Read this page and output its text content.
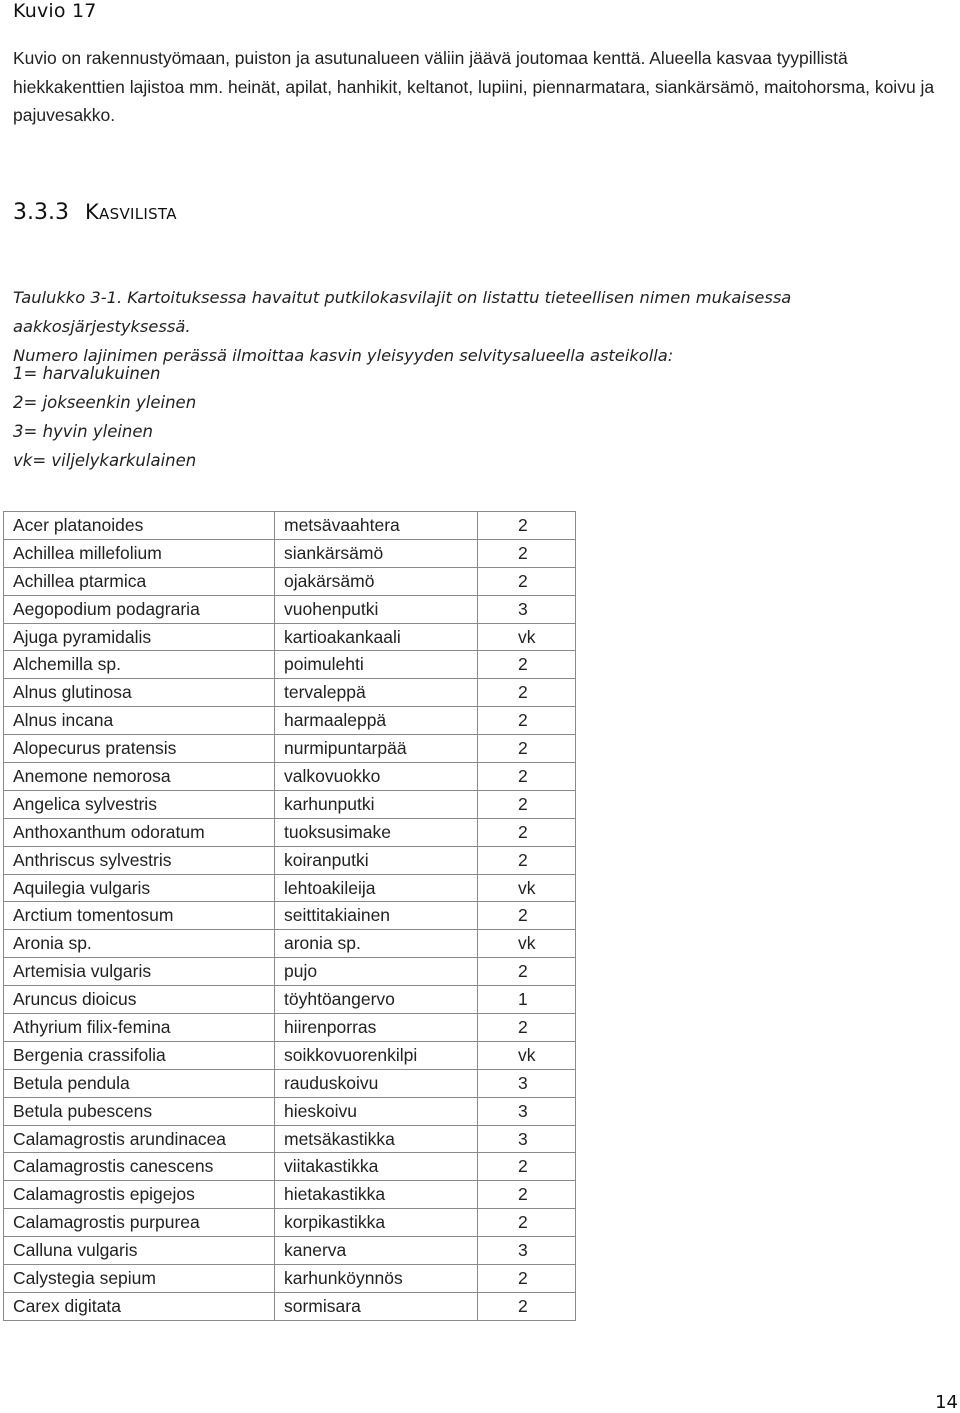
Kuvio 17
Kuvio on rakennustyömaan, puiston ja asutunalueen väliin jäävä joutomaa kenttä. Alueella kasvaa tyypillistä hiekkakenttien lajistoa mm. heinät, apilat, hanhikit, keltanot, lupiini, piennarmatara, siankärsämö, maitohorsma, koivu ja pajuvesakko.
3.3.3 Kasvilista
Taulukko 3-1. Kartoituksessa havaitut putkilokasvilajit on listattu tieteellisen nimen mukaisessa aakkosjärjestyksessä.
Numero lajinimen perässä ilmoittaa kasvin yleisyyden selvitysalueella asteikolla:
1= harvalukuinen
2= jokseenkin yleinen
3= hyvin yleinen
vk= viljelykarkulainen
Acer platanoides	metsävaahtera	2
Achillea millefolium	siankärsämö	2
Achillea ptarmica	ojakärsämö	2
Aegopodium podagraria	vuohenputki	3
Ajuga pyramidalis	kartioakankaali	vk
Alchemilla sp.	poimulehti	2
Alnus glutinosa	tervaleppä	2
Alnus incana	harmaaleppä	2
Alopecurus pratensis	nurmipuntarpää	2
Anemone nemorosa	valkovuokko	2
Angelica sylvestris	karhunputki	2
Anthoxanthum odoratum	tuoksusimake	2
Anthriscus sylvestris	koiranputki	2
Aquilegia vulgaris	lehtoakileija	vk
Arctium tomentosum	seittitakiainen	2
Aronia sp.	aronia sp.	vk
Artemisia vulgaris	pujo	2
Aruncus dioicus	töyhtöangervo	1
Athyrium filix-femina	hiirenporras	2
Bergenia crassifolia	soikkovuorenkilpi	vk
Betula pendula	rauduskoivu	3
Betula pubescens	hieskoivu	3
Calamagrostis arundinacea	metsäkastikka	3
Calamagrostis canescens	viitakastikka	2
Calamagrostis epigejos	hietakastikka	2
Calamagrostis purpurea	korpikastikka	2
Calluna vulgaris	kanerva	3
Calystegia sepium	karhunköynnös	2
Carex digitata	sormisara	2
14
